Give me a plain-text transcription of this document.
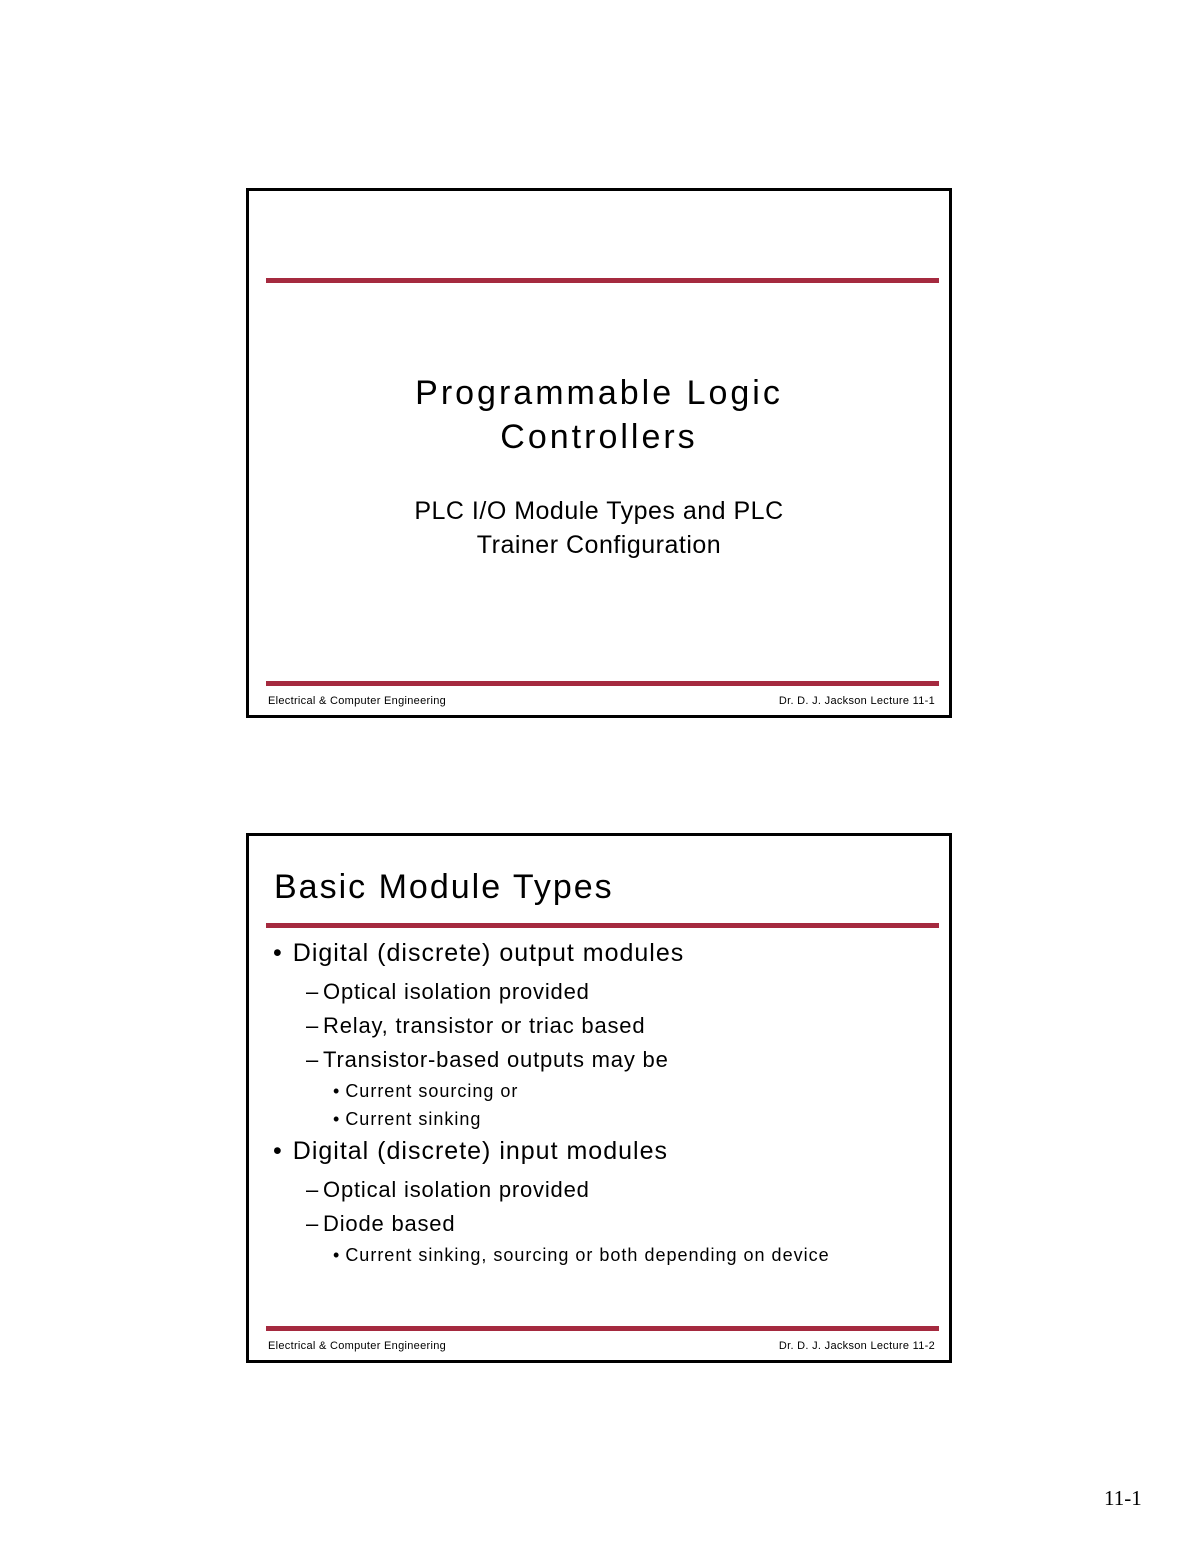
Programmable Logic
Controllers
PLC I/O Module Types and PLC
Trainer Configuration
Electrical & Computer Engineering	Dr. D. J. Jackson Lecture 11-1
Basic Module Types
• Digital (discrete) output modules
– Optical isolation provided
– Relay, transistor or triac based
– Transistor-based outputs may be
• Current sourcing or
• Current sinking
• Digital (discrete) input modules
– Optical isolation provided
– Diode based
• Current sinking, sourcing or both depending on device
Electrical & Computer Engineering	Dr. D. J. Jackson Lecture 11-2
11-1
